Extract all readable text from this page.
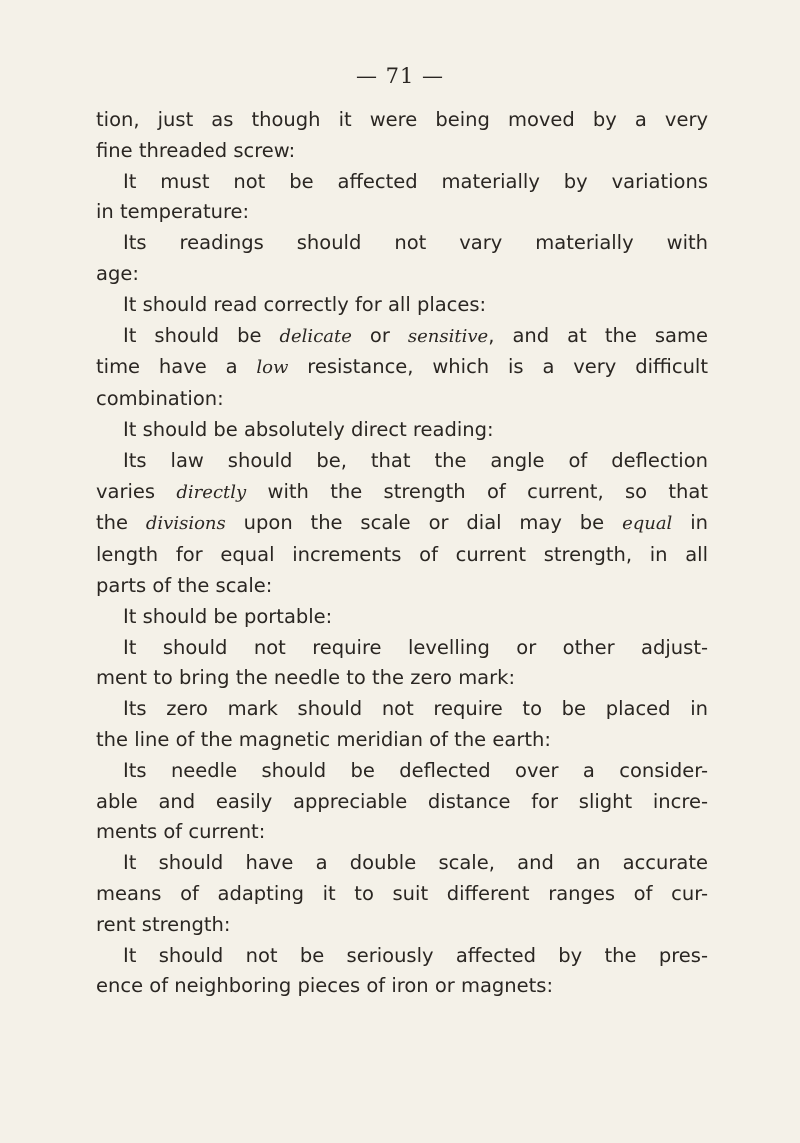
— 71 —
tion, just as though it were being moved by a very
fine threaded screw:
It must not be affected materially by variations
in temperature:
Its readings should not vary materially with
age:
It should read correctly for all places:
It should be delicate or sensitive, and at the same
time have a low resistance, which is a very difficult
combination:
It should be absolutely direct reading:
Its law should be, that the angle of deflection
varies directly with the strength of current, so that
the divisions upon the scale or dial may be equal in
length for equal increments of current strength, in all
parts of the scale:
It should be portable:
It should not require levelling or other adjust-
ment to bring the needle to the zero mark:
Its zero mark should not require to be placed in
the line of the magnetic meridian of the earth:
Its needle should be deflected over a consider-
able and easily appreciable distance for slight incre-
ments of current:
It should have a double scale, and an accurate
means of adapting it to suit different ranges of cur-
rent strength:
It should not be seriously affected by the pres-
ence of neighboring pieces of iron or magnets:
